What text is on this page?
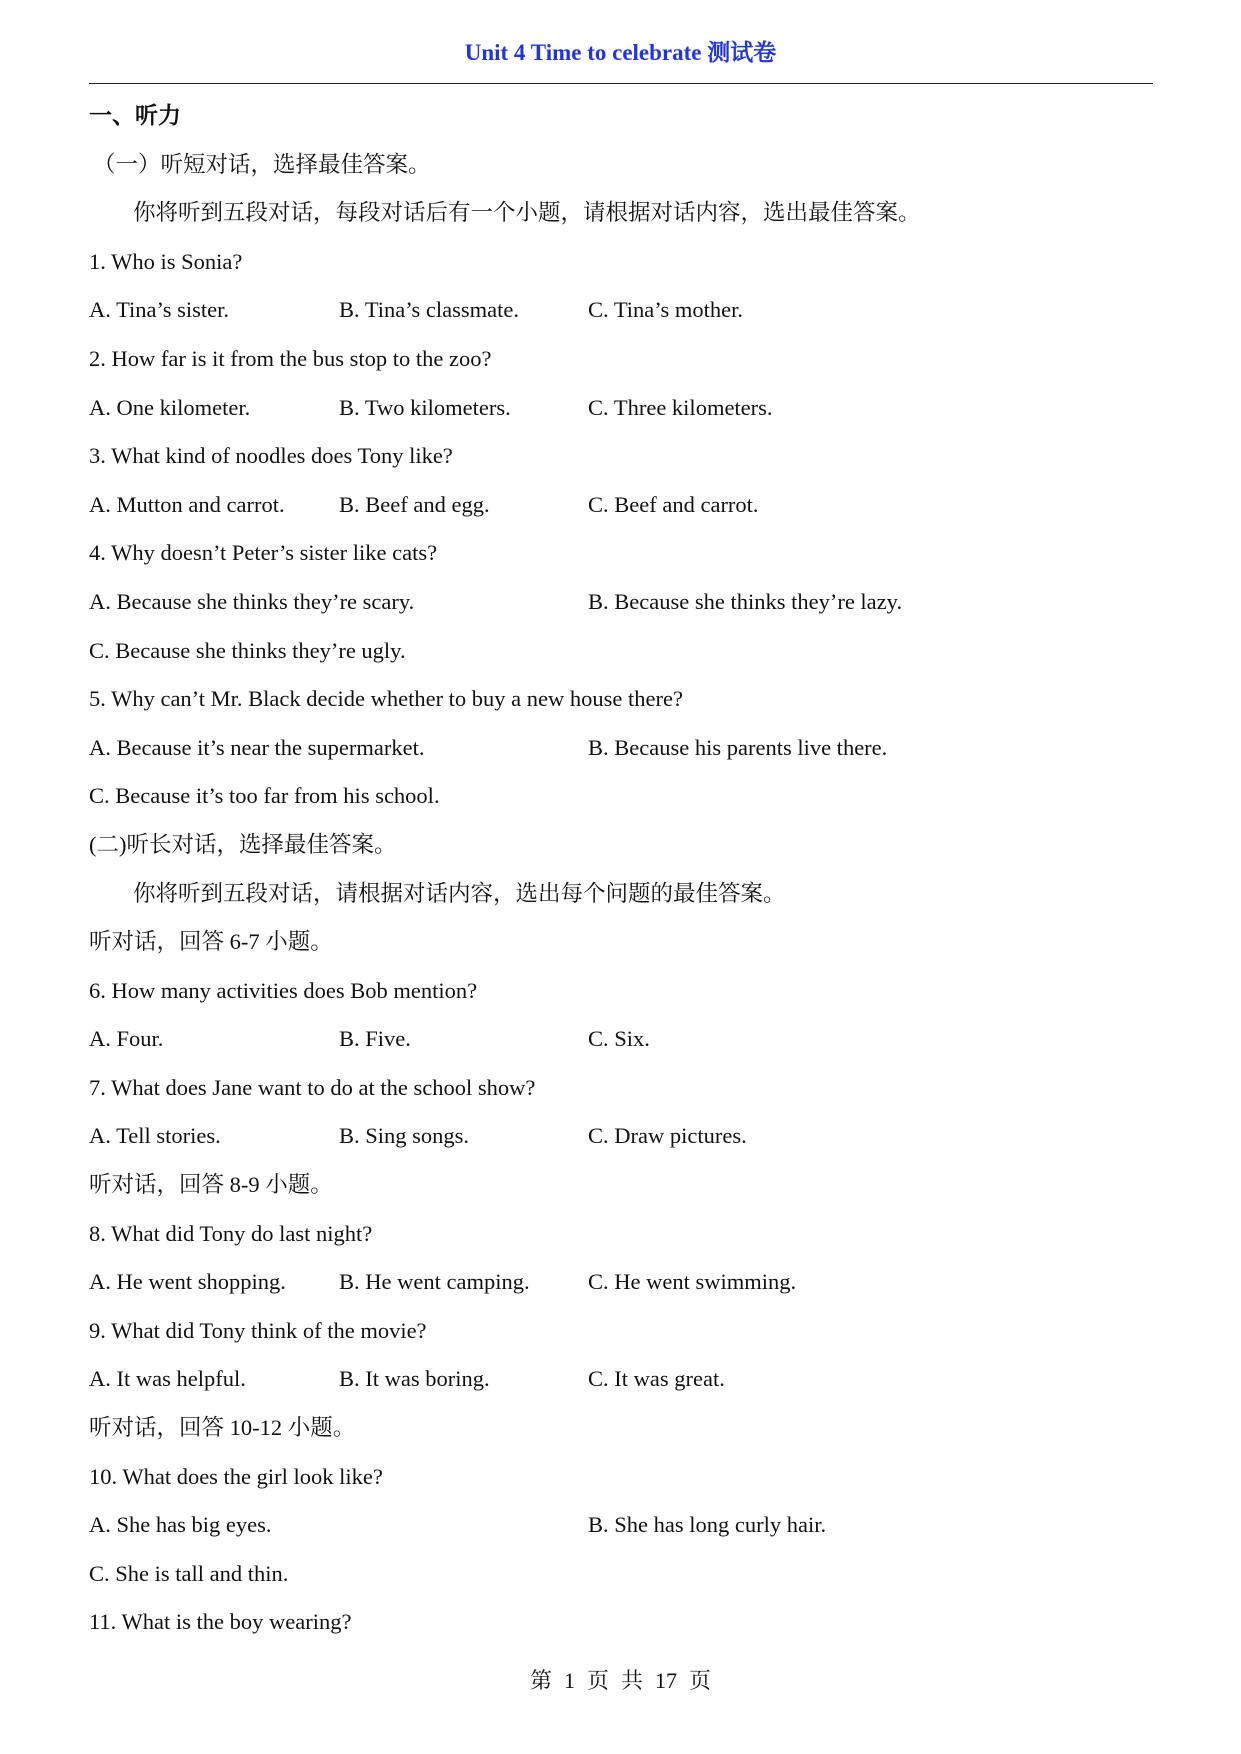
Unit 4 Time to celebrate 测试卷
一、听力
（一）听短对话，选择最佳答案。
你将听到五段对话，每段对话后有一个小题，请根据对话内容，选出最佳答案。
1. Who is Sonia?
A. Tina’s sister.	B. Tina’s classmate.	C. Tina’s mother.
2. How far is it from the bus stop to the zoo?
A. One kilometer.	B. Two kilometers.	C. Three kilometers.
3. What kind of noodles does Tony like?
A. Mutton and carrot. B. Beef and egg.	C. Beef and carrot.
4. Why doesn’t Peter’s sister like cats?
A. Because she thinks they’re scary.	B. Because she thinks they’re lazy.
C. Because she thinks they’re ugly.
5. Why can’t Mr. Black decide whether to buy a new house there?
A. Because it’s near the supermarket.	B. Because his parents live there.
C. Because it’s too far from his school.
(二)听长对话，选择最佳答案。
你将听到五段对话，请根据对话内容，选出每个问题的最佳答案。
听对话，回答 6-7 小题。
6. How many activities does Bob mention?
A. Four.	B. Five.	C. Six.
7. What does Jane want to do at the school show?
A. Tell stories.	B. Sing songs.	C. Draw pictures.
听对话，回答 8-9 小题。
8. What did Tony do last night?
A. He went shopping. B. He went camping.	C. He went swimming.
9. What did Tony think of the movie?
A. It was helpful.	B. It was boring.	C. It was great.
听对话，回答 10-12 小题。
10. What does the girl look like?
A. She has big eyes.	B. She has long curly hair.
C. She is tall and thin.
11. What is the boy wearing?
第 1 页 共 17 页
